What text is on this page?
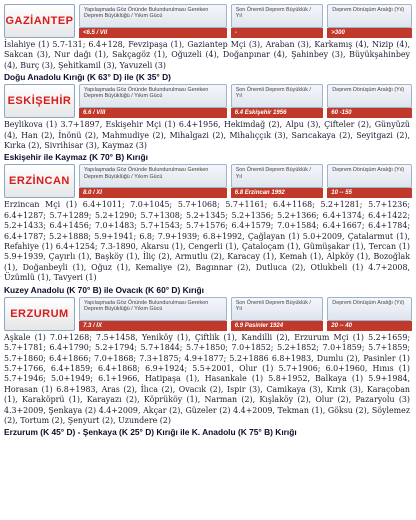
GAZİANTEP
Yapılaşmada Göz Önünde Bulundurulması Gereken Deprem Büyüklüğü / Yıkım Gücü
<6.5 / VII
Son Önemli Deprem Büyüklük / Yıl
-
Deprem Dönüşüm Aralığı (Yıl)
>300
İslahiye (1) 5.7-131; 6.4+128, Fevzipaşa (1), Gaziantep Mçi (3), Araban (3), Karkamış (4), Nizip (4), Sakcan (3), Nur dağı (1), Sakçagöz (1), Oğuzeli (4), Doğanpınar (4), Şahinbey (3), Büyükşahinbey (4), Burç (3), Şehitkamil (3), Yavuzeli (3)
Doğu Anadolu Kırığı (K 63° D) ile (K 35° D)
ESKİŞEHİR
Yapılaşmada Göz Önünde Bulundurulması Gereken Deprem Büyüklüğü / Yıkım Gücü
6.6 / VIII
Son Önemli Deprem Büyüklük / Yıl
6.4 Eskişehir 1956
Deprem Dönüşüm Aralığı (Yıl)
60 -150
Beylikova (1) 3.7+1897, Eskişehir Mçi (1) 6.4+1956, Hekimdağ (2), Alpu (3), Çifteler (2), Günyüzü (4), Han (2), İnönü (2), Mahmudiye (2), Mihalgazi (2), Mihalıççık (3), Sarıcakaya (2), Seyitgazi (2), Kırka (2), Sivrihisar (3), Kaymaz (3)
Eskişehir ile Kaymaz (K 70° B) Kırığı
ERZİNCAN
Yapılaşmada Göz Önünde Bulundurulması Gereken Deprem Büyüklüğü / Yıkım Gücü
8.0 / XI
Son Önemli Deprem Büyüklük / Yıl
6.8 Erzincan 1992
Deprem Dönüşüm Aralığı (Yıl)
10 -- 55
Erzincan Mçi (1) 6.4+1011; 7.0+1045; 5.7+1068; 5.7+1161; 6.4+1168; 5.2+1281; 5.7+1236; 6.4+1287; 5.7+1289; 5.2+1290; 5.7+1308; 5.2+1345; 5.2+1356; 5.2+1366; 6.4+1374; 6.4+1422; 5.2+1433; 6.4+1456; 7.0+1483; 5.7+1543; 5.7+1576; 6.4+1579; 7.0+1584; 6.4+1667; 6.4+1784; 6.4+1787; 5.2+1888; 5.9+1941; 6.8; 7.9+1939; 6.8+1992, Çağlayan (1) 5.0+2009, Çatalarmut (1), Refahiye (1) 6.4+1254; 7.3-1890, Akarsu (1), Cengerli (1), Çataloçam (1), Gümüşakar (1), Tercan (1) 5.9+1939, Çayırlı (1), Başköy (1), İliç (2), Armutlu (2), Karacay (1), Kemah (1), Alpköy (1), Bozoğlak (1), Doğanbeyli (1), Oğuz (1), Kemaliye (2), Bagınnar (2), Dutluca (2), Otlukbeli (1) 4.7+2008, Üzümlü (1), Tavyeri (1)
Kuzey Anadolu (K 70° B) ile Ovacık (K 60° D) Kırığı
ERZURUM
Yapılaşmada Göz Önünde Bulundurulması Gereken Deprem Büyüklüğü / Yıkım Gücü
7.3 / IX
Son Önemli Deprem Büyüklük / Yıl
6.9 Pasinler 1924
Deprem Dönüşüm Aralığı (Yıl)
20 -- 40
Aşkale (1) 7.0+1268; 7.5+1458, Yeniköy (1), Çiftlik (1), Kandilli (2), Erzurum Mçi (1) 5.2+1659; 5.7+1781; 6.4+1790; 5.2+1794; 5.7+1844; 5.7+1850; 7.0+1852; 5.2+1852; 7.0+1859; 5.7+1859; 5.7+1860; 6.4+1866; 7.0+1868; 7.3+1875; 4.9+1877; 5.2+1886 6.8+1983, Dumlu (2), Pasinler (1) 5.7+1766, 6.4+1859; 6.4+1868; 6.9+1924; 5.5+2001, Olur (1) 5.7+1906; 6.0+1960, Hınıs (1) 5.7+1946; 5.0+1949; 6.1+1966, Hatipaşa (1), Hasankale (1) 5.8+1952, Balkaya (1) 5.9+1984, Horasan (1) 6.8+1983, Aras (2), İlıca (2), Ovacık (2), Ispir (3), Camikaya (3), Kırık (3), Karaçoban (1), Karaköprü (1), Karayazı (2), Köprüköy (1), Narman (2), Kışlaköy (2), Olur (2), Pazaryolu (3) 4.3+2009, Şenkaya (2) 4.4+2009, Akçar (2), Güzeler (2) 4.4+2009, Tekman (1), Göksu (2), Söylemez (2), Tortum (2), Şenyurt (2), Uzundere (2)
Erzurum (K 45° D) - Şenkaya (K 25° D) Kırığı ile K. Anadolu (K 75° B) Kırığı
